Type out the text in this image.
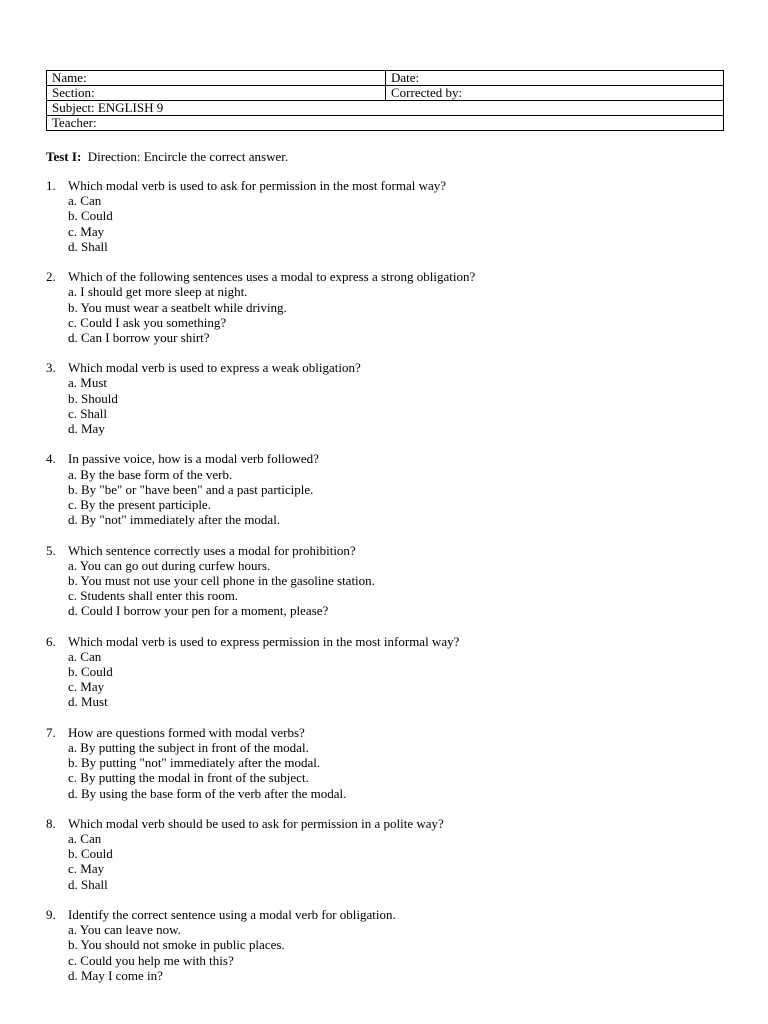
Name:	Date:
Section:	Corrected by:
Subject: ENGLISH 9	
Teacher:	
Test I: Direction: Encircle the correct answer.
1. Which modal verb is used to ask for permission in the most formal way?
a. Can
b. Could
c. May
d. Shall
2. Which of the following sentences uses a modal to express a strong obligation?
a. I should get more sleep at night.
b. You must wear a seatbelt while driving.
c. Could I ask you something?
d. Can I borrow your shirt?
3. Which modal verb is used to express a weak obligation?
a. Must
b. Should
c. Shall
d. May
4. In passive voice, how is a modal verb followed?
a. By the base form of the verb.
b. By "be" or "have been" and a past participle.
c. By the present participle.
d. By "not" immediately after the modal.
5. Which sentence correctly uses a modal for prohibition?
a. You can go out during curfew hours.
b. You must not use your cell phone in the gasoline station.
c. Students shall enter this room.
d. Could I borrow your pen for a moment, please?
6. Which modal verb is used to express permission in the most informal way?
a. Can
b. Could
c. May
d. Must
7. How are questions formed with modal verbs?
a. By putting the subject in front of the modal.
b. By putting "not" immediately after the modal.
c. By putting the modal in front of the subject.
d. By using the base form of the verb after the modal.
8. Which modal verb should be used to ask for permission in a polite way?
a. Can
b. Could
c. May
d. Shall
9. Identify the correct sentence using a modal verb for obligation.
a. You can leave now.
b. You should not smoke in public places.
c. Could you help me with this?
d. May I come in?
